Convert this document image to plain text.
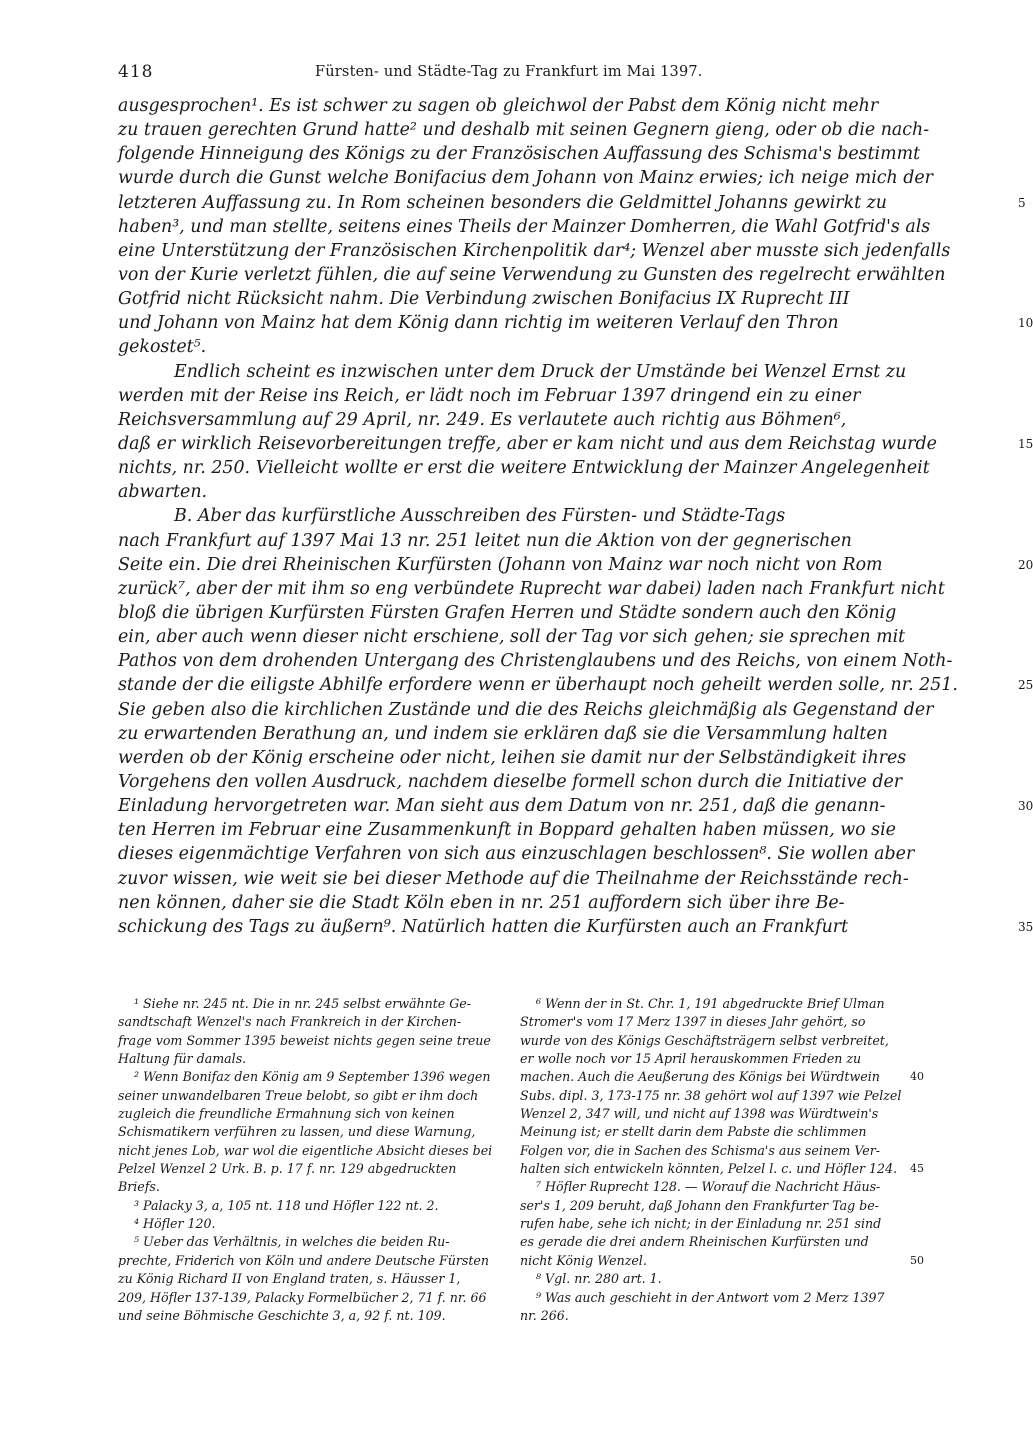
418	Fürsten- und Städte-Tag zu Frankfurt im Mai 1397.
ausgesprochen¹. Es ist schwer zu sagen ob gleichwol der Pabst dem König nicht mehr
zu trauen gerechten Grund hatte² und deshalb mit seinen Gegnern gieng, oder ob die nach-
folgende Hinneigung des Königs zu der Französischen Auffassung des Schisma's bestimmt
wurde durch die Gunst welche Bonifacius dem Johann von Mainz erwies; ich neige mich der
letzteren Auffassung zu. In Rom scheinen besonders die Geldmittel Johanns gewirkt zu	5
haben³, und man stellte, seitens eines Theils der Mainzer Domherren, die Wahl Gotfrid's als
eine Unterstützung der Französischen Kirchenpolitik dar⁴; Wenzel aber musste sich jedenfalls
von der Kurie verletzt fühlen, die auf seine Verwendung zu Gunsten des regelrecht erwählten
Gotfrid nicht Rücksicht nahm. Die Verbindung zwischen Bonifacius IX Ruprecht III
und Johann von Mainz hat dem König dann richtig im weiteren Verlauf den Thron	10
gekostet⁵.
Endlich scheint es inzwischen unter dem Druck der Umstände bei Wenzel Ernst zu
werden mit der Reise ins Reich, er lädt noch im Februar 1397 dringend ein zu einer
Reichsversammlung auf 29 April, nr. 249. Es verlautete auch richtig aus Böhmen⁶,
daß er wirklich Reisevorbereitungen treffe, aber er kam nicht und aus dem Reichstag wurde	15
nichts, nr. 250. Vielleicht wollte er erst die weitere Entwicklung der Mainzer Angelegenheit
abwarten.
B. Aber das kurfürstliche Ausschreiben des Fürsten- und Städte-Tags
nach Frankfurt auf 1397 Mai 13 nr. 251 leitet nun die Aktion von der gegnerischen
Seite ein. Die drei Rheinischen Kurfürsten (Johann von Mainz war noch nicht von Rom	20
zurück⁷, aber der mit ihm so eng verbündete Ruprecht war dabei) laden nach Frankfurt nicht
bloß die übrigen Kurfürsten Fürsten Grafen Herren und Städte sondern auch den König
ein, aber auch wenn dieser nicht erschiene, soll der Tag vor sich gehen; sie sprechen mit
Pathos von dem drohenden Untergang des Christenglaubens und des Reichs, von einem Noth-
stande der die eiligste Abhilfe erfordere wenn er überhaupt noch geheilt werden solle, nr. 251.	25
Sie geben also die kirchlichen Zustände und die des Reichs gleichmäßig als Gegenstand der
zu erwartenden Berathung an, und indem sie erklären daß sie die Versammlung halten
werden ob der König erscheine oder nicht, leihen sie damit nur der Selbständigkeit ihres
Vorgehens den vollen Ausdruck, nachdem dieselbe formell schon durch die Initiative der
Einladung hervorgetreten war. Man sieht aus dem Datum von nr. 251, daß die genann-	30
ten Herren im Februar eine Zusammenkunft in Boppard gehalten haben müssen, wo sie
dieses eigenmächtige Verfahren von sich aus einzuschlagen beschlossen⁸. Sie wollen aber
zuvor wissen, wie weit sie bei dieser Methode auf die Theilnahme der Reichsstände rech-
nen können, daher sie die Stadt Köln eben in nr. 251 auffordern sich über ihre Be-
schickung des Tags zu äußern⁹. Natürlich hatten die Kurfürsten auch an Frankfurt	35
¹ Siehe nr. 245 nt. Die in nr. 245 selbst erwähnte Ge-
sandtschaft Wenzel's nach Frankreich in der Kirchen-
frage vom Sommer 1395 beweist nichts gegen seine treue
Haltung für damals.
² Wenn Bonifaz den König am 9 September 1396 wegen
seiner unwandelbaren Treue belobt, so gibt er ihm doch
zugleich die freundliche Ermahnung sich von keinen
Schismatikern verführen zu lassen, und diese Warnung,
nicht jenes Lob, war wol die eigentliche Absicht dieses bei
Pelzel Wenzel 2 Urk. B. p. 17 f. nr. 129 abgedruckten
Briefs.
³ Palacky 3, a, 105 nt. 118 und Höfler 122 nt. 2.
⁴ Höfler 120.
⁵ Ueber das Verhältnis, in welches die beiden Ru-
prechte, Friderich von Köln und andere Deutsche Fürsten
zu König Richard II von England traten, s. Häusser 1,
209, Höfler 137-139, Palacky Formelbücher 2, 71 f. nr. 66
und seine Böhmische Geschichte 3, a, 92 f. nt. 109.
⁶ Wenn der in St. Chr. 1, 191 abgedruckte Brief Ulman
Stromer's vom 17 Merz 1397 in dieses Jahr gehört, so
wurde von des Königs Geschäftsträgern selbst verbreitet,
er wolle noch vor 15 April herauskommen Frieden zu
machen. Auch die Aeußerung des Königs bei Würdtwein	40
Subs. dipl. 3, 173-175 nr. 38 gehört wol auf 1397 wie Pelzel
Wenzel 2, 347 will, und nicht auf 1398 was Würdtwein's
Meinung ist; er stellt darin dem Pabste die schlimmen
Folgen vor, die in Sachen des Schisma's aus seinem Ver-
halten sich entwickeln könnten, Pelzel l. c. und Höfler 124. 45
⁷ Höfler Ruprecht 128. — Worauf die Nachricht Häus-
ser's 1, 209 beruht, daß Johann den Frankfurter Tag be-
rufen habe, sehe ich nicht; in der Einladung nr. 251 sind
es gerade die drei andern Rheinischen Kurfürsten und
nicht König Wenzel.	50
⁸ Vgl. nr. 280 art. 1.
⁹ Was auch geschieht in der Antwort vom 2 Merz 1397
nr. 266.
